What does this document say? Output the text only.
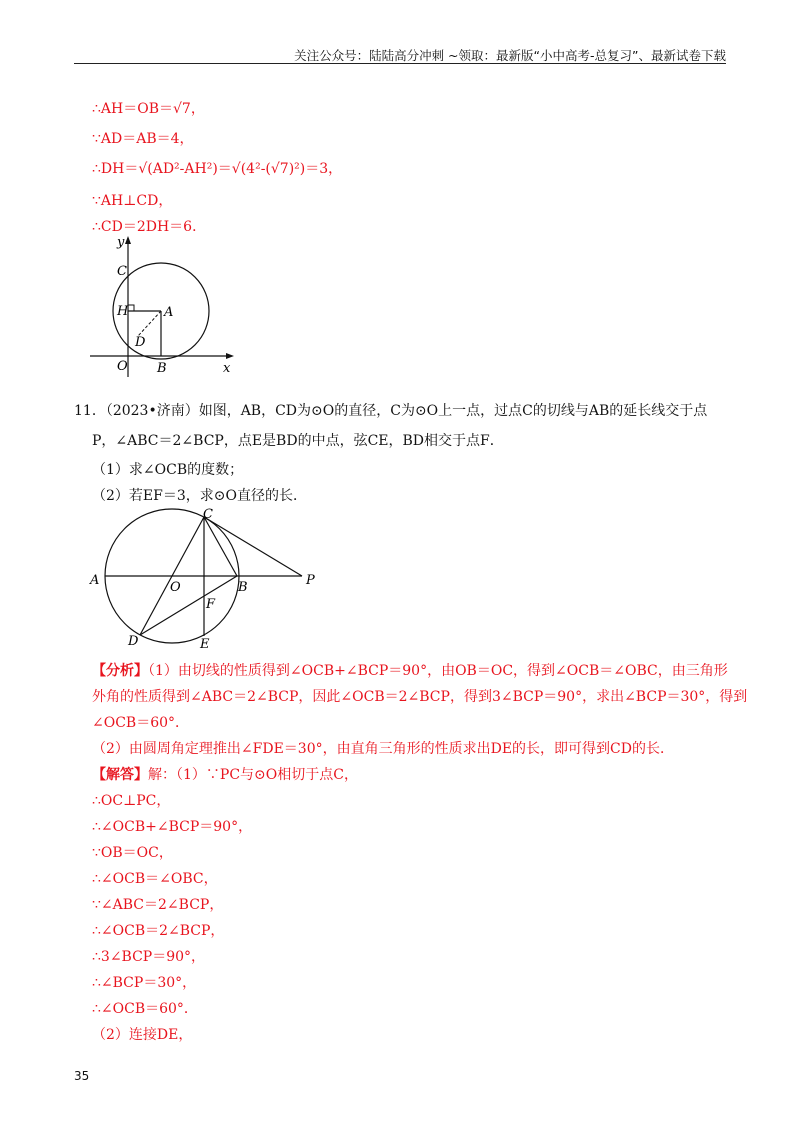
关注公众号：陆陆高分冲刺 ~领取：最新版“小中高考-总复习”、最新试卷下载
∴AH＝OB＝√7，
∵AD＝AB＝4，
∴DH＝√(AD²-AH²)＝√(4²-(√7)²)＝3，
∵AH⊥CD，
∴CD＝2DH＝6．
y
C
H	A
D
O B	x
11．（2023•济南）如图，AB，CD为⊙O的直径，C为⊙O上一点，过点C的切线与AB的延长线交于点
P，∠ABC＝2∠BCP，点E是BD的中点，弦CE，BD相交于点F．
（1）求∠OCB的度数；
（2）若EF＝3，求⊙O直径的长．
C
A	O	B	P
F
D	E
【分析】（1）由切线的性质得到∠OCB+∠BCP＝90°，由OB＝OC，得到∠OCB＝∠OBC，由三角形
外角的性质得到∠ABC＝2∠BCP，因此∠OCB＝2∠BCP，得到3∠BCP＝90°，求出∠BCP＝30°，得到
∠OCB＝60°．
（2）由圆周角定理推出∠FDE＝30°，由直角三角形的性质求出DE的长，即可得到CD的长．
【解答】解：（1）∵PC与⊙O相切于点C，
∴OC⊥PC，
∴∠OCB+∠BCP＝90°，
∵OB＝OC，
∴∠OCB＝∠OBC，
∵∠ABC＝2∠BCP，
∴∠OCB＝2∠BCP，
∴3∠BCP＝90°，
∴∠BCP＝30°，
∴∠OCB＝60°．
（2）连接DE，
35
